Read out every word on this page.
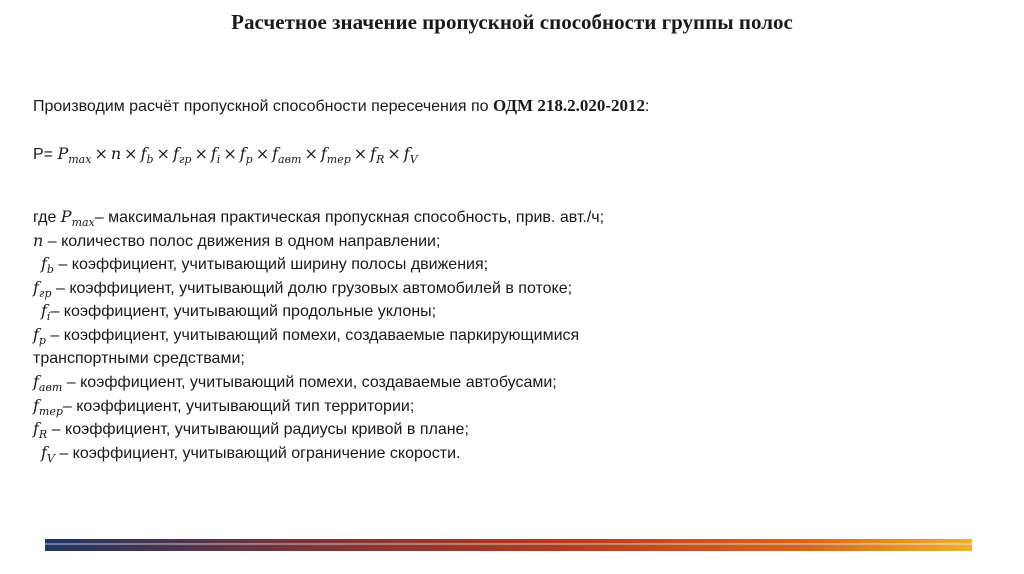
Расчетное значение пропускной способности группы полос
Производим расчёт пропускной способности пересечения по ОДМ 218.2.020-2012:
$P= P_{max} \times n \times f_b \times f_{гр} \times f_i \times f_р \times f_{авт} \times f_{тер} \times f_R \times f_V$
где $P_{max}-$ максимальная практическая пропускная способность, прив. авт./ч;
n – количество полос движения в одном направлении;
$f_b$ – коэффициент, учитывающий ширину полосы движения;
$f_{гр}$ – коэффициент, учитывающий долю грузовых автомобилей в потоке;
$f_i-$ коэффициент, учитывающий продольные уклоны;
$f_р$ – коэффициент, учитывающий помехи, создаваемые паркирующимися
транспортными средствами;
$f_{авт}$ – коэффициент, учитывающий помехи, создаваемые автобусами;
$f_{тер}-$ коэффициент, учитывающий тип территории;
$f_R$ – коэффициент, учитывающий радиусы кривой в плане;
$f_V$ – коэффициент, учитывающий ограничение скорости.
